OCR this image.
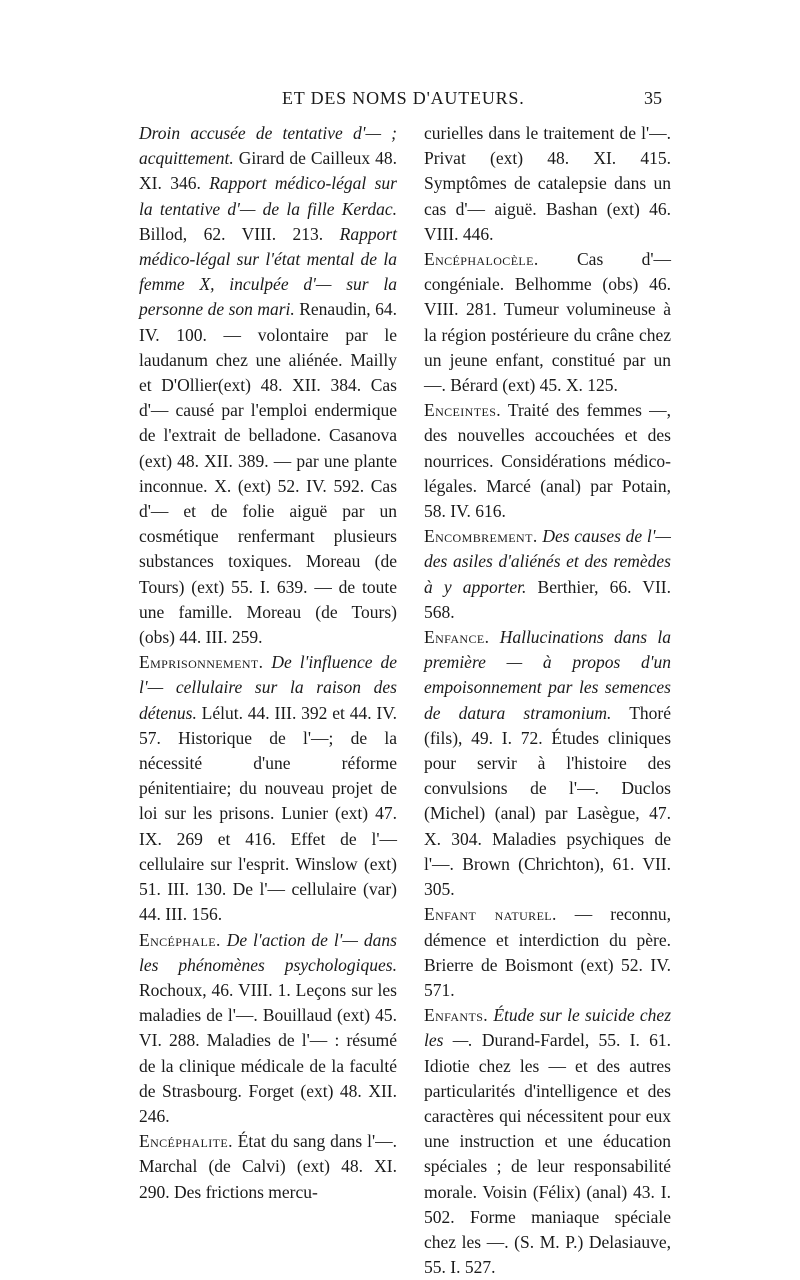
ET DES NOMS D'AUTEURS.	35

Droin accusée de tentative d'— ; acquittement. Girard de Cailleux 48. XI. 346. Rapport médico-légal sur la tentative d'— de la fille Kerdac. Billod, 62. VIII. 213. Rapport médico-légal sur l'état mental de la femme X, inculpée d'— sur la personne de son mari. Renaudin, 64. IV. 100. — volontaire par le laudanum chez une aliénée. Mailly et D'Ollier(ext) 48. XII. 384. Cas d'— causé par l'emploi endermique de l'extrait de belladone. Casanova (ext) 48. XII. 389. — par une plante inconnue. X. (ext) 52. IV. 592. Cas d'— et de folie aiguë par un cosmétique renfermant plusieurs substances toxiques. Moreau (de Tours) (ext) 55. I. 639. — de toute une famille. Moreau (de Tours) (obs) 44. III. 259.

Emprisonnement. De l'influence de l'— cellulaire sur la raison des détenus. Lélut. 44. III. 392 et 44. IV. 57. Historique de l'—; de la nécessité d'une réforme pénitentiaire; du nouveau projet de loi sur les prisons. Lunier (ext) 47. IX. 269 et 416. Effet de l'— cellulaire sur l'esprit. Winslow (ext) 51. III. 130. De l'— cellulaire (var) 44. III. 156.

Encéphale. De l'action de l'— dans les phénomènes psychologiques. Rochoux, 46. VIII. 1. Leçons sur les maladies de l'—. Bouillaud (ext) 45. VI. 288. Maladies de l'— : résumé de la clinique médicale de la faculté de Strasbourg. Forget (ext) 48. XII. 246.

Encéphalite. État du sang dans l'—. Marchal (de Calvi) (ext) 48. XI. 290. Des frictions mercu-

curielles dans le traitement de l'—. Privat (ext) 48. XI. 415. Symptômes de catalepsie dans un cas d'— aiguë. Bashan (ext) 46. VIII. 446.

Encéphalocèle. Cas d'— congéniale. Belhomme (obs) 46. VIII. 281. Tumeur volumineuse à la région postérieure du crâne chez un jeune enfant, constitué par un —. Bérard (ext) 45. X. 125.

Enceintes. Traité des femmes —, des nouvelles accouchées et des nourrices. Considérations médico-légales. Marcé (anal) par Potain, 58. IV. 616.

Encombrement. Des causes de l'— des asiles d'aliénés et des remèdes à y apporter. Berthier, 66. VII. 568.

Enfance. Hallucinations dans la première — à propos d'un empoisonnement par les semences de datura stramonium. Thoré (fils), 49. I. 72. Études cliniques pour servir à l'histoire des convulsions de l'—. Duclos (Michel) (anal) par Lasègue, 47. X. 304. Maladies psychiques de l'—. Brown (Chrichton), 61. VII. 305.

Enfant naturel. — reconnu, démence et interdiction du père. Brierre de Boismont (ext) 52. IV. 571.

Enfants. Étude sur le suicide chez les —. Durand-Fardel, 55. I. 61. Idiotie chez les — et des autres particularités d'intelligence et des caractères qui nécessitent pour eux une instruction et une éducation spéciales ; de leur responsabilité morale. Voisin (Félix) (anal) 43. I. 502. Forme maniaque spéciale chez les —. (S. M. P.) Delasiauve, 55. I. 527.
